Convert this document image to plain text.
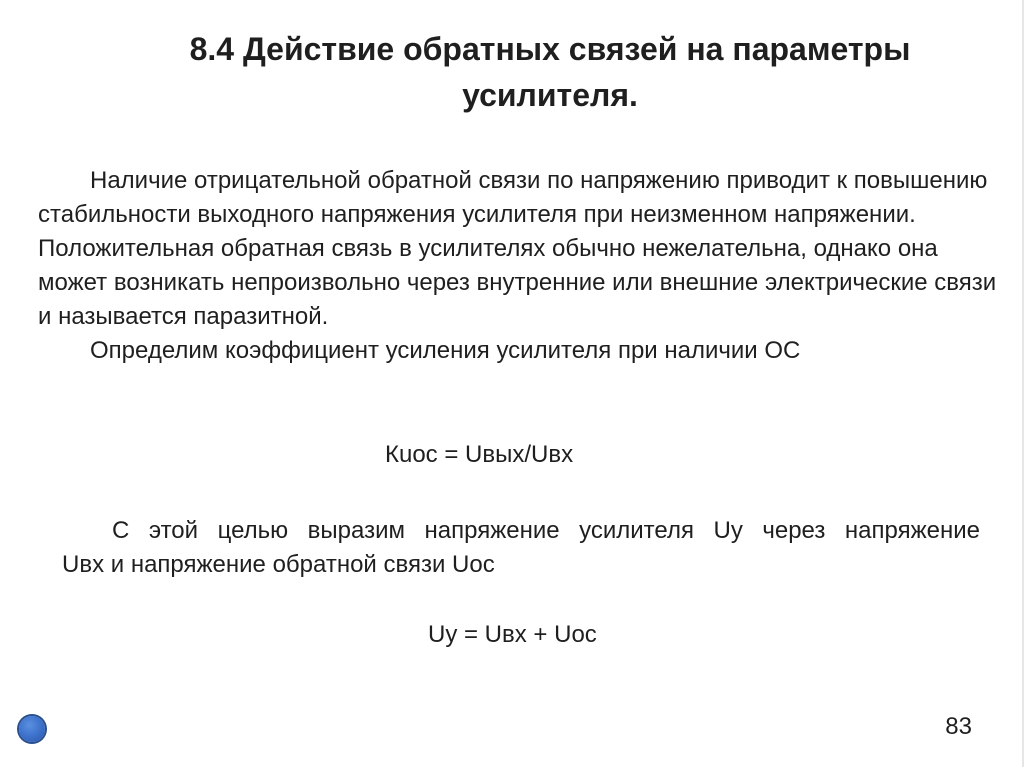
8.4 Действие обратных связей на параметры
усилителя.

Наличие отрицательной обратной связи по напряжению приводит к повышению стабильности выходного напряжения усилителя при неизменном напряжении. Положительная обратная связь в усилителях обычно нежелательна, однако она может возникать непроизвольно через внутренние или внешние электрические связи и называется паразитной.

Определим коэффициент усиления усилителя при наличии ОС

Кuос = Uвых/Uвх
С этой целью выразим напряжение усилителя Uу через напряжение
Uвх и напряжение обратной связи Uос
Uу = Uвх + Uос
83
